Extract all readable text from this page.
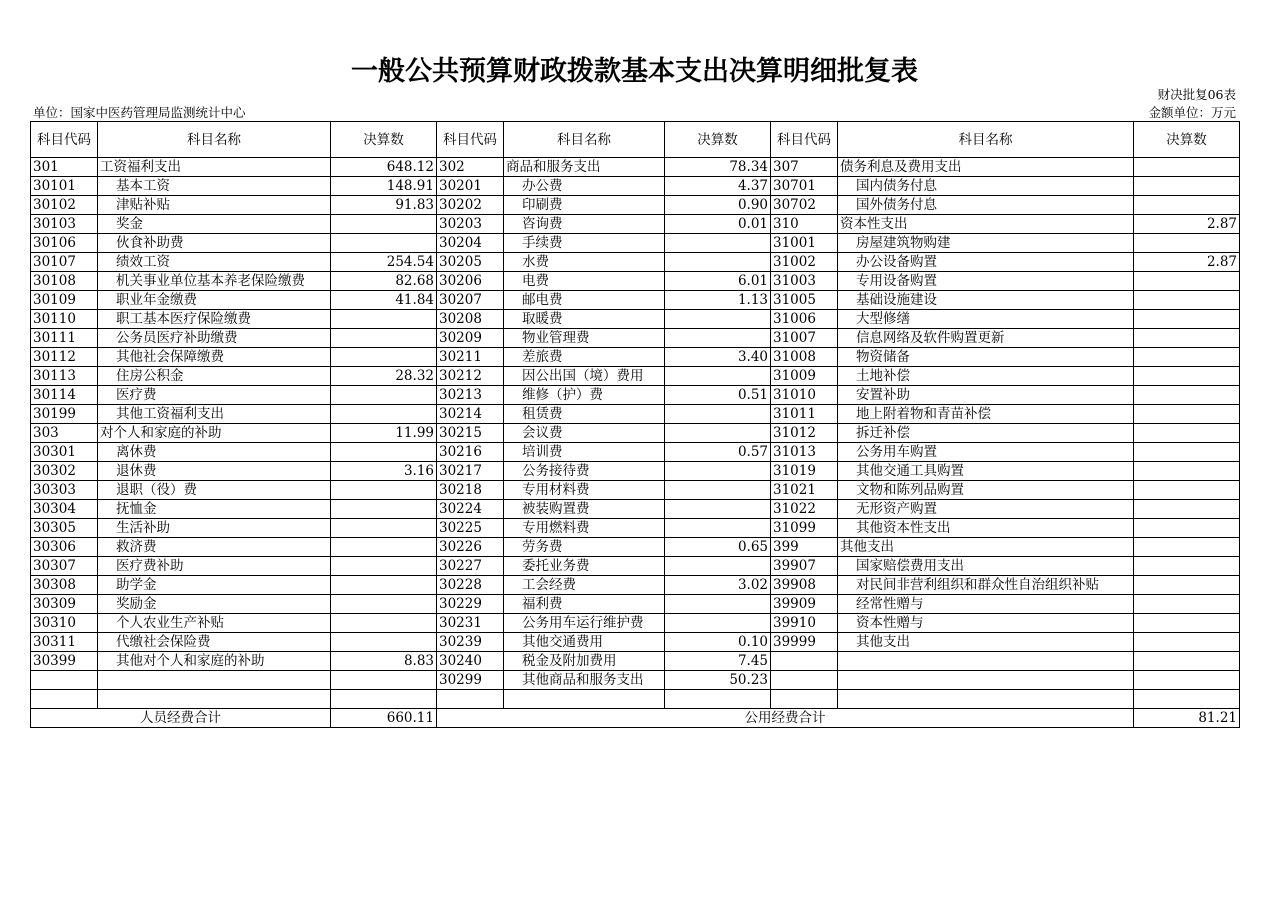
一般公共预算财政拨款基本支出决算明细批复表
财决批复06表
单位：国家中医药管理局监测统计中心	金额单位：万元
科目代码	科目名称	决算数	科目代码	科目名称	决算数	科目代码	科目名称	决算数
301	工资福利支出	648.12	302	商品和服务支出	78.34	307	债务利息及费用支出	
30101	基本工资	148.91	30201	办公费	4.37	30701	国内债务付息	
30102	津贴补贴	91.83	30202	印刷费	0.90	30702	国外债务付息	
30103	奖金		30203	咨询费	0.01	310	资本性支出	2.87
30106	伙食补助费		30204	手续费		31001	房屋建筑物购建	
30107	绩效工资	254.54	30205	水费		31002	办公设备购置	2.87
30108	机关事业单位基本养老保险缴费	82.68	30206	电费	6.01	31003	专用设备购置	
30109	职业年金缴费	41.84	30207	邮电费	1.13	31005	基础设施建设	
30110	职工基本医疗保险缴费		30208	取暖费		31006	大型修缮	
30111	公务员医疗补助缴费		30209	物业管理费		31007	信息网络及软件购置更新	
30112	其他社会保障缴费		30211	差旅费	3.40	31008	物资储备	
30113	住房公积金	28.32	30212	因公出国（境）费用		31009	土地补偿	
30114	医疗费		30213	维修（护）费	0.51	31010	安置补助	
30199	其他工资福利支出		30214	租赁费		31011	地上附着物和青苗补偿	
303	对个人和家庭的补助	11.99	30215	会议费		31012	拆迁补偿	
30301	离休费		30216	培训费	0.57	31013	公务用车购置	
30302	退休费	3.16	30217	公务接待费		31019	其他交通工具购置	
30303	退职（役）费		30218	专用材料费		31021	文物和陈列品购置	
30304	抚恤金		30224	被装购置费		31022	无形资产购置	
30305	生活补助		30225	专用燃料费		31099	其他资本性支出	
30306	救济费		30226	劳务费	0.65	399	其他支出	
30307	医疗费补助		30227	委托业务费		39907	国家赔偿费用支出	
30308	助学金		30228	工会经费	3.02	39908	对民间非营利组织和群众性自治组织补贴	
30309	奖励金		30229	福利费		39909	经常性赠与	
30310	个人农业生产补贴		30231	公务用车运行维护费		39910	资本性赠与	
30311	代缴社会保险费		30239	其他交通费用	0.10	39999	其他支出	
30399	其他对个人和家庭的补助	8.83	30240	税金及附加费用	7.45			
			30299	其他商品和服务支出	50.23			

人员经费合计		660.11	公用经费合计					81.21
